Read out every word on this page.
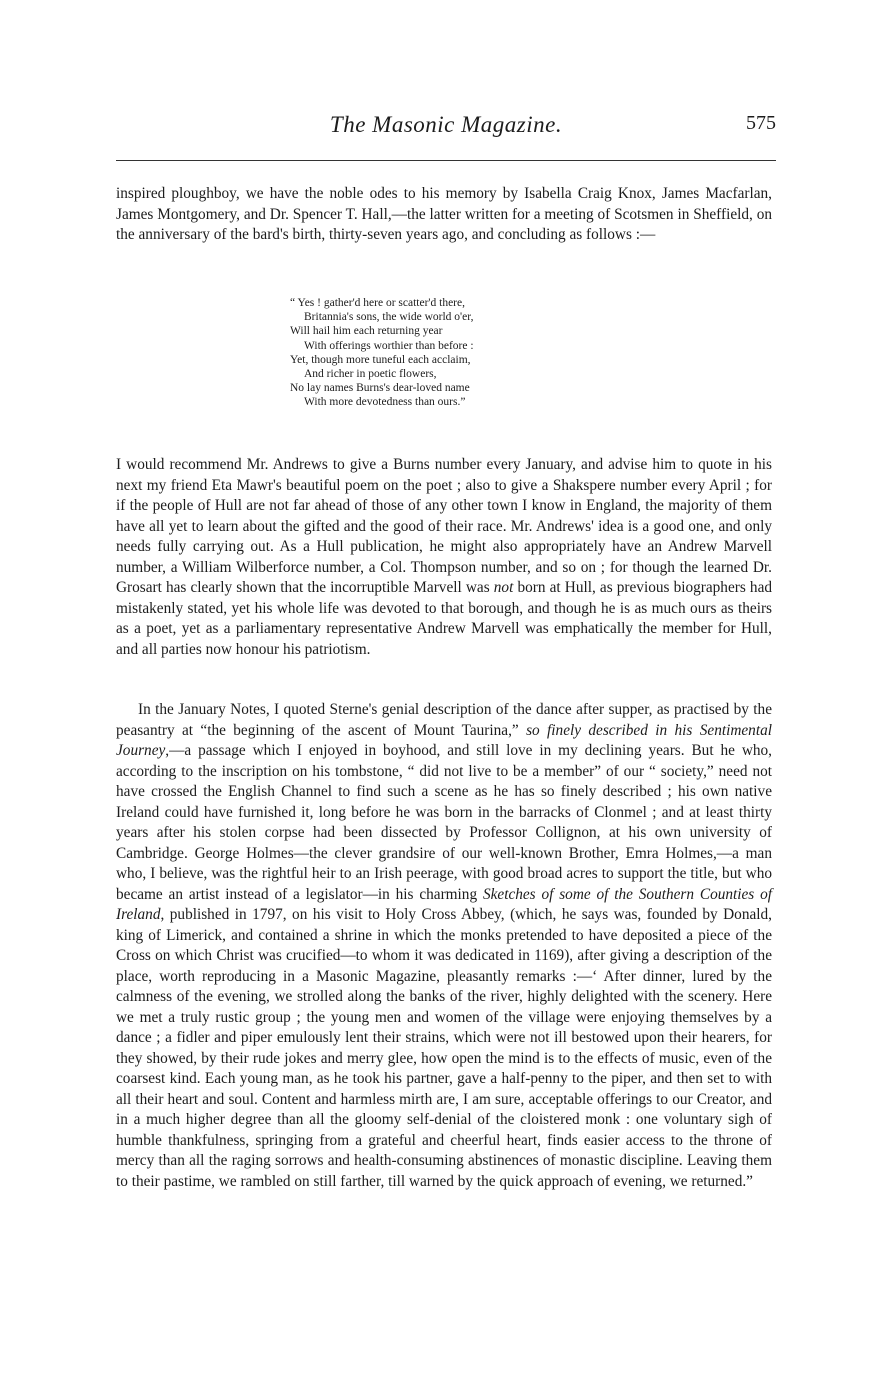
The Masonic Magazine.	575

inspired ploughboy, we have the noble odes to his memory by Isabella Craig Knox, James Macfarlan, James Montgomery, and Dr. Spencer T. Hall,—the latter written for a meeting of Scotsmen in Sheffield, on the anniversary of the bard's birth, thirty-seven years ago, and concluding as follows :—

“ Yes ! gather'd here or scatter'd there,
Britannia's sons, the wide world o'er,
Will hail him each returning year
With offerings worthier than before :
Yet, though more tuneful each acclaim,
And richer in poetic flowers,
No lay names Burns's dear-loved name
With more devotedness than ours.”

I would recommend Mr. Andrews to give a Burns number every January, and advise him to quote in his next my friend Eta Mawr's beautiful poem on the poet ; also to give a Shakspere number every April ; for if the people of Hull are not far ahead of those of any other town I know in England, the majority of them have all yet to learn about the gifted and the good of their race. Mr. Andrews' idea is a good one, and only needs fully carrying out. As a Hull publication, he might also appropriately have an Andrew Marvell number, a William Wilberforce number, a Col. Thompson number, and so on ; for though the learned Dr. Grosart has clearly shown that the incorruptible Marvell was not born at Hull, as previous biographers had mistakenly stated, yet his whole life was devoted to that borough, and though he is as much ours as theirs as a poet, yet as a parliamentary representative Andrew Marvell was emphatically the member for Hull, and all parties now honour his patriotism.

In the January Notes, I quoted Sterne's genial description of the dance after supper, as practised by the peasantry at “the beginning of the ascent of Mount Taurina,” so finely described in his Sentimental Journey,—a passage which I enjoyed in boyhood, and still love in my declining years. But he who, according to the inscription on his tombstone, “ did not live to be a member” of our “ society,” need not have crossed the English Channel to find such a scene as he has so finely described ; his own native Ireland could have furnished it, long before he was born in the barracks of Clonmel ; and at least thirty years after his stolen corpse had been dissected by Professor Collignon, at his own university of Cambridge. George Holmes—the clever grandsire of our well-known Brother, Emra Holmes,—a man who, I believe, was the rightful heir to an Irish peerage, with good broad acres to support the title, but who became an artist instead of a legislator—in his charming Sketches of some of the Southern Counties of Ireland, published in 1797, on his visit to Holy Cross Abbey, (which, he says was, founded by Donald, king of Limerick, and contained a shrine in which the monks pretended to have deposited a piece of the Cross on which Christ was crucified—to whom it was dedicated in 1169), after giving a description of the place, worth reproducing in a Masonic Magazine, pleasantly remarks :—‘ After dinner, lured by the calmness of the evening, we strolled along the banks of the river, highly delighted with the scenery. Here we met a truly rustic group ; the young men and women of the village were enjoying themselves by a dance ; a fidler and piper emulously lent their strains, which were not ill bestowed upon their hearers, for they showed, by their rude jokes and merry glee, how open the mind is to the effects of music, even of the coarsest kind. Each young man, as he took his partner, gave a half-penny to the piper, and then set to with all their heart and soul. Content and harmless mirth are, I am sure, acceptable offerings to our Creator, and in a much higher degree than all the gloomy self-denial of the cloistered monk : one voluntary sigh of humble thankfulness, springing from a grateful and cheerful heart, finds easier access to the throne of mercy than all the raging sorrows and health-consuming abstinences of monastic discipline. Leaving them to their pastime, we rambled on still farther, till warned by the quick approach of evening, we returned.”
